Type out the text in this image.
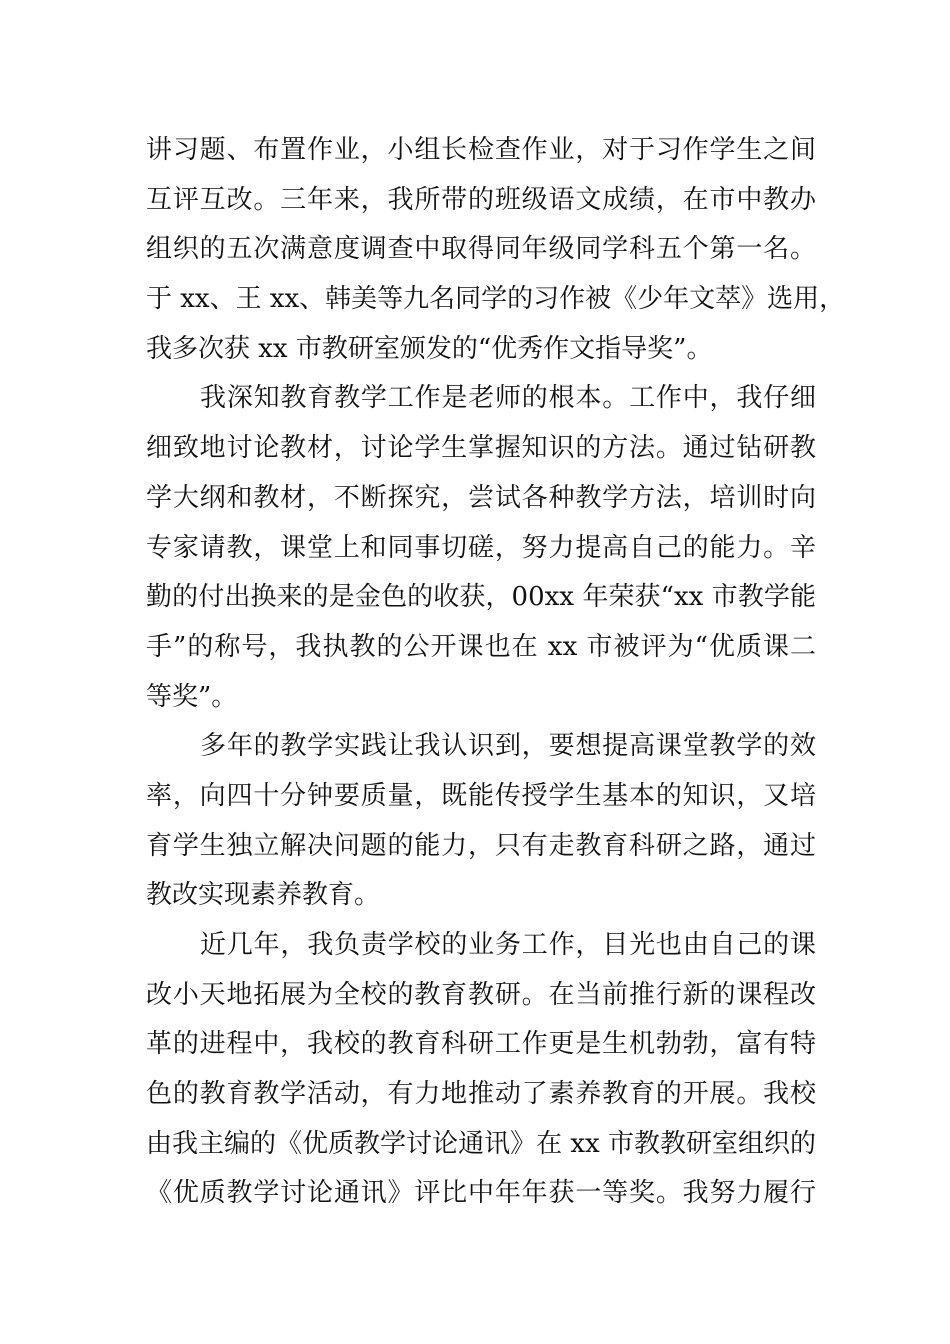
讲习题、布置作业，小组长检查作业，对于习作学生之间
互评互改。三年来，我所带的班级语文成绩，在市中教办
组织的五次满意度调查中取得同年级同学科五个第一名。
于 xx、王 xx、韩美等九名同学的习作被《少年文萃》选用，
我多次获 xx 市教研室颁发的“优秀作文指导奖”。
我深知教育教学工作是老师的根本。工作中，我仔细
细致地讨论教材，讨论学生掌握知识的方法。通过钻研教
学大纲和教材，不断探究，尝试各种教学方法，培训时向
专家请教，课堂上和同事切磋，努力提高自己的能力。辛
勤的付出换来的是金色的收获，00xx 年荣获“xx 市教学能
手”的称号，我执教的公开课也在 xx 市被评为“优质课二
等奖”。
多年的教学实践让我认识到，要想提高课堂教学的效
率，向四十分钟要质量，既能传授学生基本的知识，又培
育学生独立解决问题的能力，只有走教育科研之路，通过
教改实现素养教育。
近几年，我负责学校的业务工作，目光也由自己的课
改小天地拓展为全校的教育教研。在当前推行新的课程改
革的进程中，我校的教育科研工作更是生机勃勃，富有特
色的教育教学活动，有力地推动了素养教育的开展。我校
由我主编的《优质教学讨论通讯》在 xx 市教教研室组织的
《优质教学讨论通讯》评比中年年获一等奖。我努力履行
